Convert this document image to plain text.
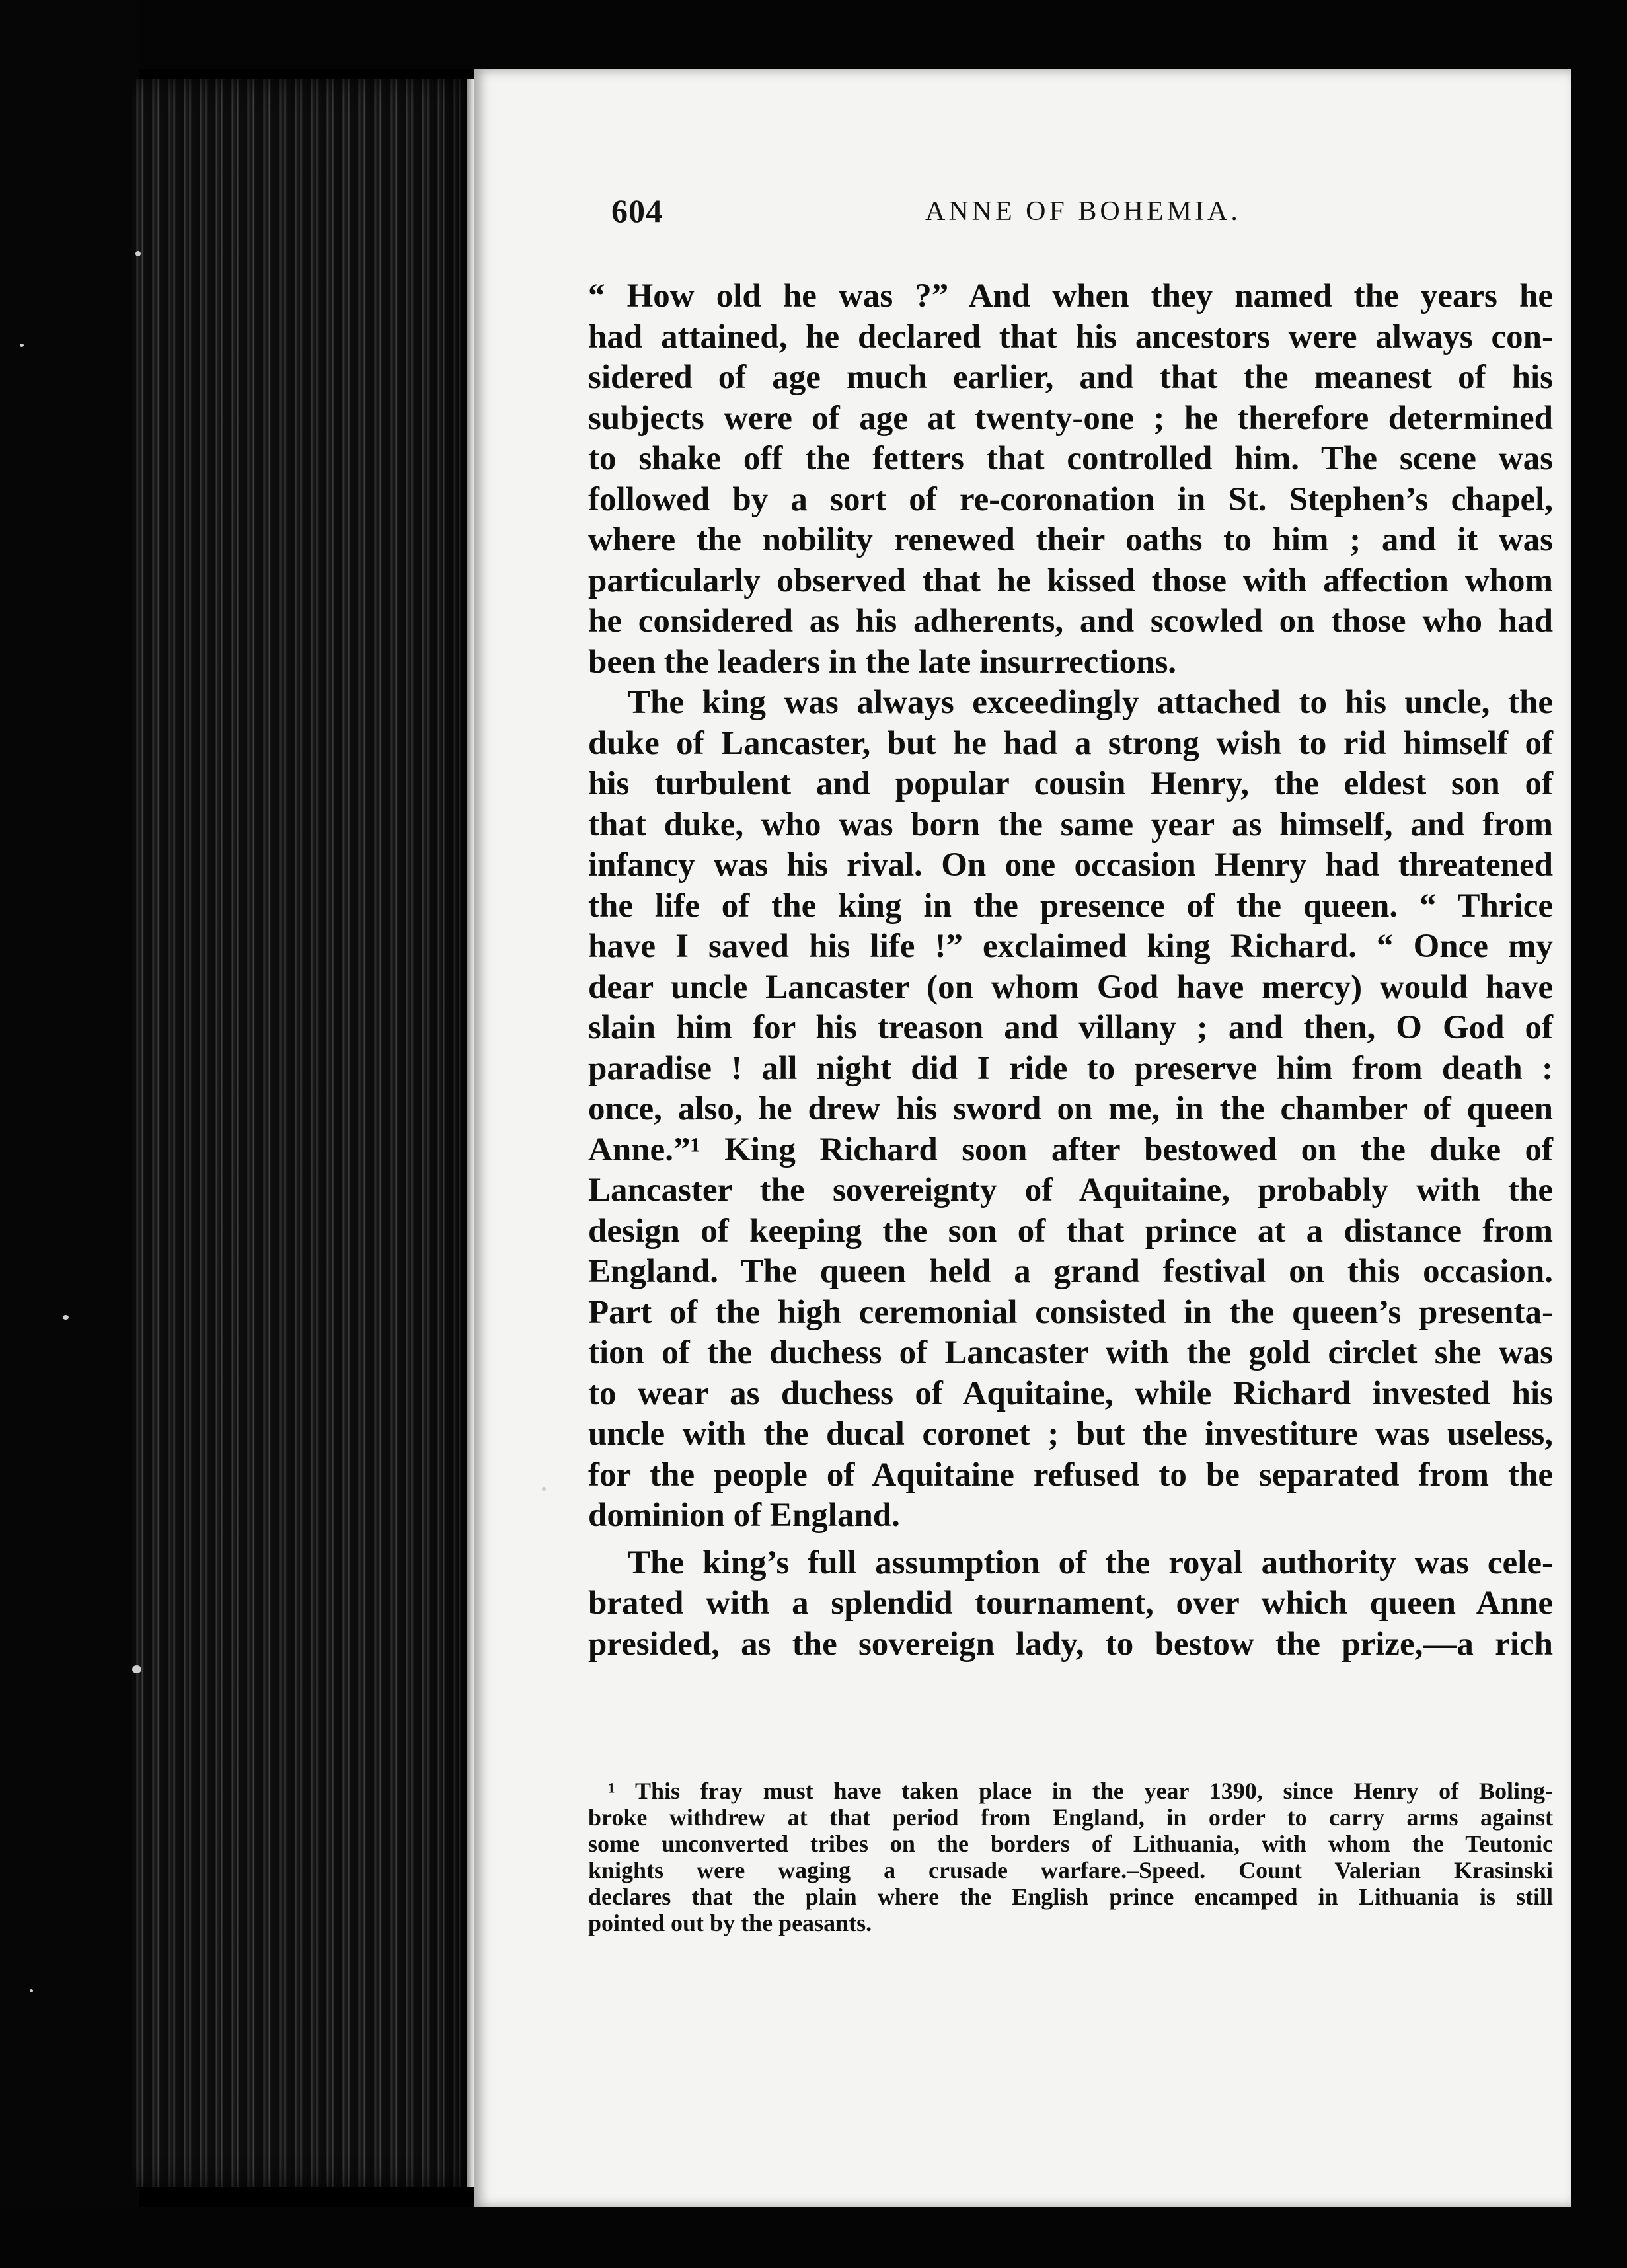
604	ANNE OF BOHEMIA.
“ How old he was ?” And when they named the years he
had attained, he declared that his ancestors were always con-
sidered of age much earlier, and that the meanest of his
subjects were of age at twenty-one ; he therefore determined
to shake off the fetters that controlled him. The scene was
followed by a sort of re-coronation in St. Stephen’s chapel,
where the nobility renewed their oaths to him ; and it was
particularly observed that he kissed those with affection whom
he considered as his adherents, and scowled on those who had
been the leaders in the late insurrections.
The king was always exceedingly attached to his uncle, the
duke of Lancaster, but he had a strong wish to rid himself of
his turbulent and popular cousin Henry, the eldest son of
that duke, who was born the same year as himself, and from
infancy was his rival. On one occasion Henry had threatened
the life of the king in the presence of the queen. “ Thrice
have I saved his life !” exclaimed king Richard. “ Once my
dear uncle Lancaster (on whom God have mercy) would have
slain him for his treason and villany ; and then, O God of
paradise ! all night did I ride to preserve him from death :
once, also, he drew his sword on me, in the chamber of queen
Anne.”¹ King Richard soon after bestowed on the duke of
Lancaster the sovereignty of Aquitaine, probably with the
design of keeping the son of that prince at a distance from
England. The queen held a grand festival on this occasion.
Part of the high ceremonial consisted in the queen’s presenta-
tion of the duchess of Lancaster with the gold circlet she was
to wear as duchess of Aquitaine, while Richard invested his
uncle with the ducal coronet ; but the investiture was useless,
for the people of Aquitaine refused to be separated from the
dominion of England.
The king’s full assumption of the royal authority was cele-
brated with a splendid tournament, over which queen Anne
presided, as the sovereign lady, to bestow the prize,—a rich
¹ This fray must have taken place in the year 1390, since Henry of Boling-
broke withdrew at that period from England, in order to carry arms against
some unconverted tribes on the borders of Lithuania, with whom the Teutonic
knights were waging a crusade warfare.–Speed. Count Valerian Krasinski
declares that the plain where the English prince encamped in Lithuania is still
pointed out by the peasants.
